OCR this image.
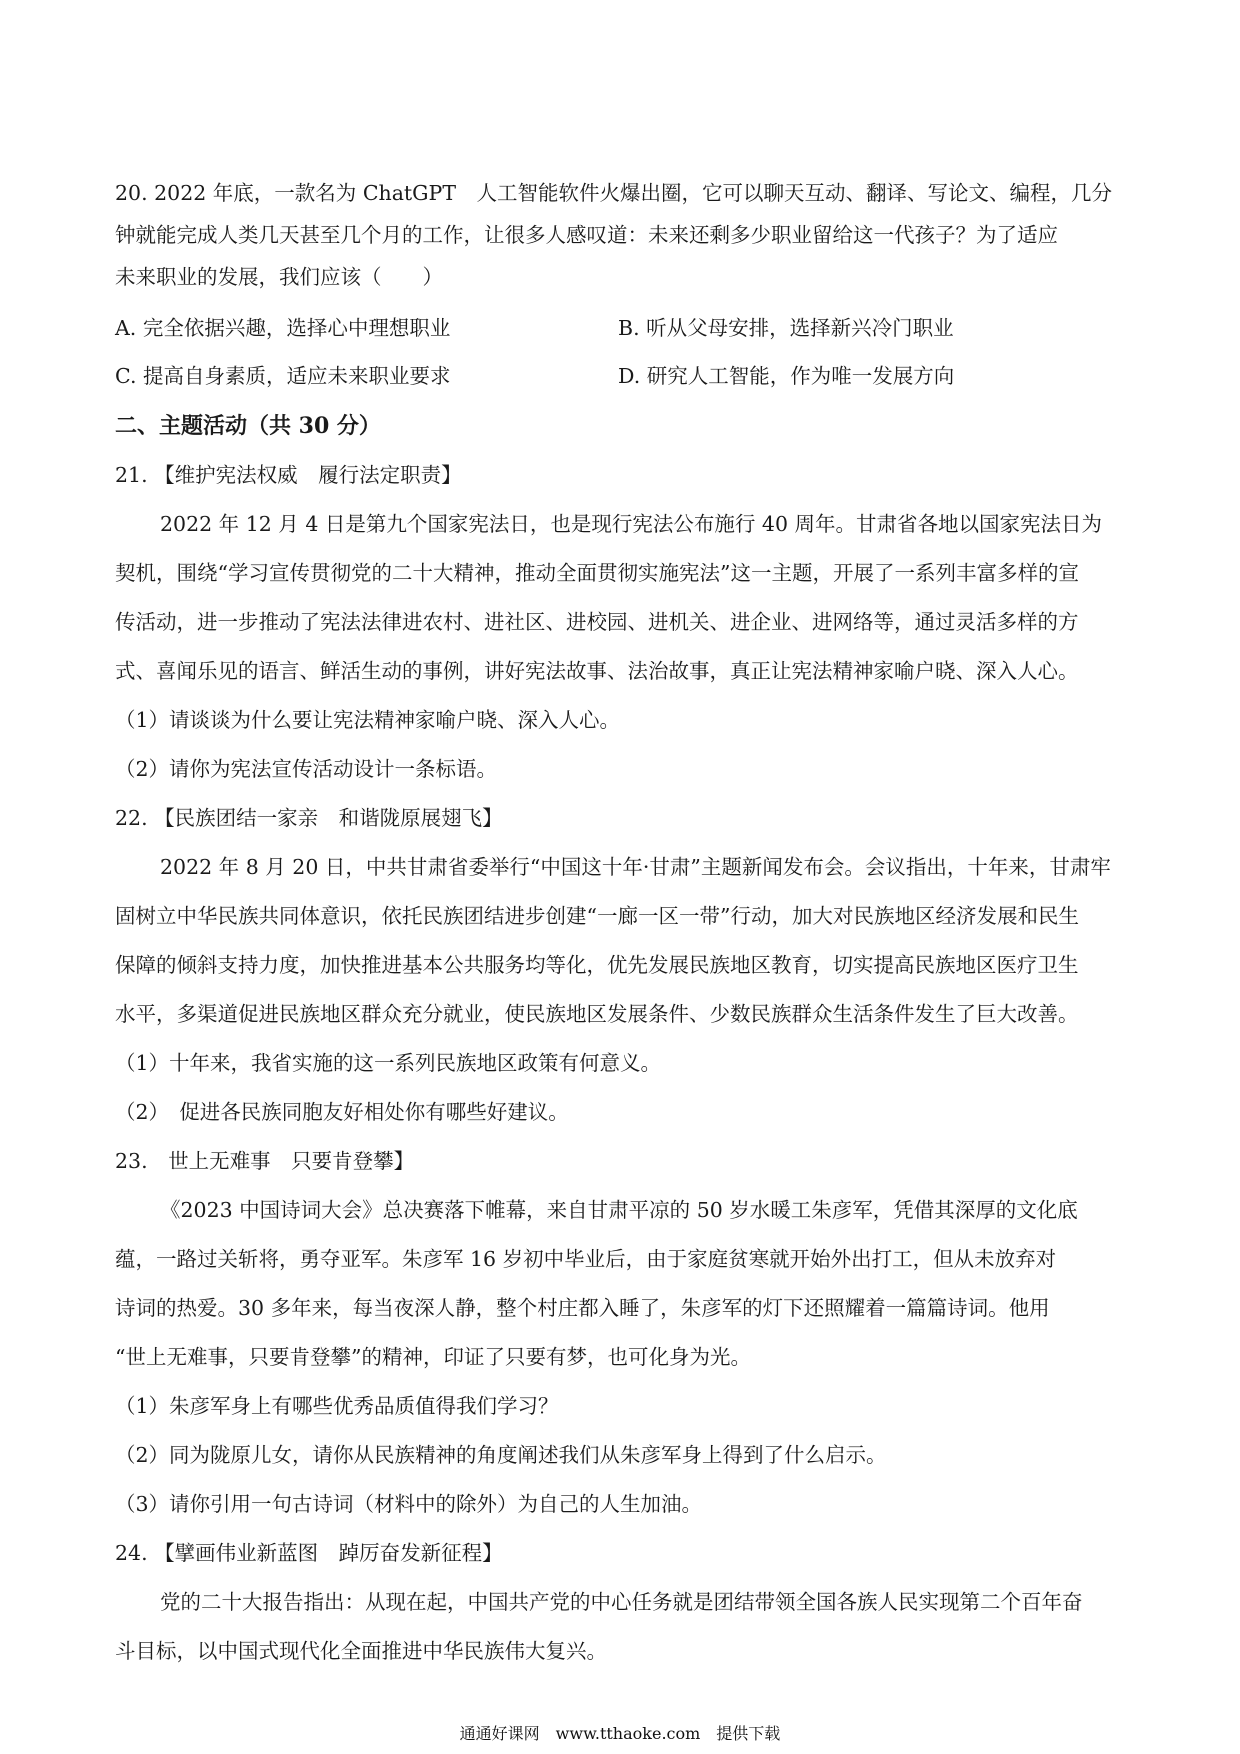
20. 2022 年底，一款名为 ChatGPT　人工智能软件火爆出圈，它可以聊天互动、翻译、写论文、编程，几分
钟就能完成人类几天甚至几个月的工作，让很多人感叹道：未来还剩多少职业留给这一代孩子？为了适应
未来职业的发展，我们应该（　　）
A. 完全依据兴趣，选择心中理想职业	B. 听从父母安排，选择新兴冷门职业
C. 提高自身素质，适应未来职业要求	D. 研究人工智能，作为唯一发展方向
二、主题活动（共 30 分）
21. 【维护宪法权威　履行法定职责】
2022 年 12 月 4 日是第九个国家宪法日，也是现行宪法公布施行 40 周年。甘肃省各地以国家宪法日为
契机，围绕“学习宣传贯彻党的二十大精神，推动全面贯彻实施宪法”这一主题，开展了一系列丰富多样的宣
传活动，进一步推动了宪法法律进农村、进社区、进校园、进机关、进企业、进网络等，通过灵活多样的方
式、喜闻乐见的语言、鲜活生动的事例，讲好宪法故事、法治故事，真正让宪法精神家喻户晓、深入人心。
（1）请谈谈为什么要让宪法精神家喻户晓、深入人心。
（2）请你为宪法宣传活动设计一条标语。
22. 【民族团结一家亲　和谐陇原展翅飞】
2022 年 8 月 20 日，中共甘肃省委举行“中国这十年·甘肃”主题新闻发布会。会议指出，十年来，甘肃牢
固树立中华民族共同体意识，依托民族团结进步创建“一廊一区一带”行动，加大对民族地区经济发展和民生
保障的倾斜支持力度，加快推进基本公共服务均等化，优先发展民族地区教育，切实提高民族地区医疗卫生
水平，多渠道促进民族地区群众充分就业，使民族地区发展条件、少数民族群众生活条件发生了巨大改善。
（1）十年来，我省实施的这一系列民族地区政策有何意义。
（2）　促进各民族同胞友好相处你有哪些好建议。
23.　世上无难事　只要肯登攀】
《2023 中国诗词大会》总决赛落下帷幕，来自甘肃平凉的 50 岁水暖工朱彦军，凭借其深厚的文化底
蕴，一路过关斩将，勇夺亚军。朱彦军 16 岁初中毕业后，由于家庭贫寒就开始外出打工，但从未放弃对
诗词的热爱。30 多年来，每当夜深人静，整个村庄都入睡了，朱彦军的灯下还照耀着一篇篇诗词。他用
“世上无难事，只要肯登攀”的精神，印证了只要有梦，也可化身为光。
（1）朱彦军身上有哪些优秀品质值得我们学习？
（2）同为陇原儿女，请你从民族精神的角度阐述我们从朱彦军身上得到了什么启示。
（3）请你引用一句古诗词（材料中的除外）为自己的人生加油。
24. 【擘画伟业新蓝图　踔厉奋发新征程】
党的二十大报告指出：从现在起，中国共产党的中心任务就是团结带领全国各族人民实现第二个百年奋
斗目标，以中国式现代化全面推进中华民族伟大复兴。
通通好课网　www.tthaoke.com　提供下载
